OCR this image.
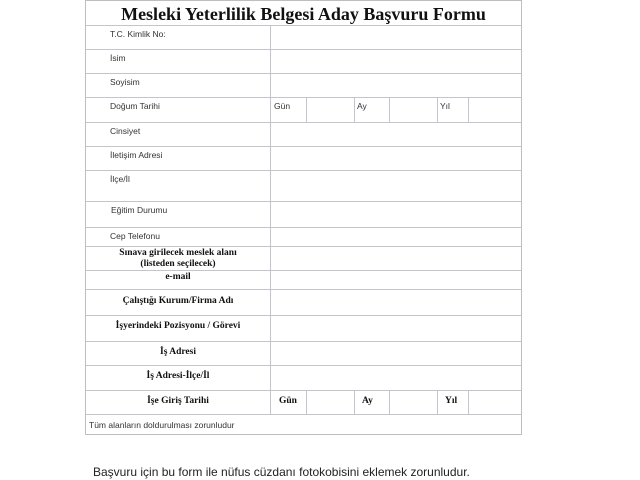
Mesleki Yeterlilik Belgesi Aday Başvuru Formu
T.C. Kimlik No:
İsim
Soyisim
Doğum Tarihi	Gün	Ay	Yıl
Cinsiyet
İletişim Adresi
İlçe/İl
Eğitim Durumu
Cep Telefonu
Sınava girilecek meslek alanı
(listeden seçilecek)
e-mail
Çalıştığı Kurum/Firma Adı
İşyerindeki Pozisyonu / Görevi
İş Adresi
İş Adresi-İlçe/İl
İşe Giriş Tarihi	Gün	Ay	Yıl
Tüm alanların doldurulması zorunludur
Başvuru için bu form ile nüfus cüzdanı fotokobisini eklemek zorunludur.
